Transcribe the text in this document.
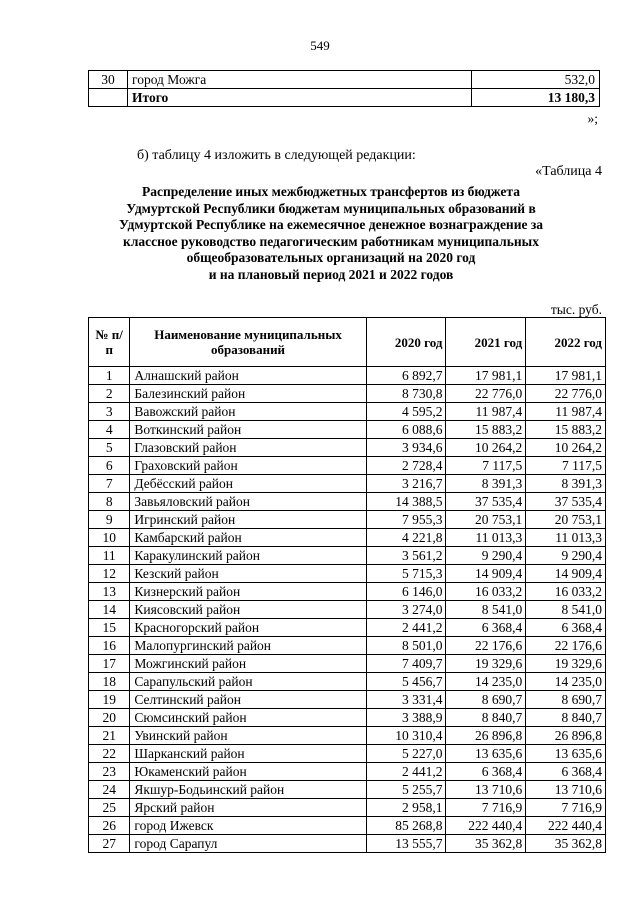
549
30	город Можга	532,0
	Итого	13 180,3
»;
б) таблицу 4 изложить в следующей редакции:
«Таблица 4
Распределение иных межбюджетных трансфертов из бюджета
Удмуртской Республики бюджетам муниципальных образований в
Удмуртской Республике на ежемесячное денежное вознаграждение за
классное руководство педагогическим работникам муниципальных
общеобразовательных организаций на 2020 год
и на плановый период 2021 и 2022 годов
тыс. руб.
№ п/п	Наименование муниципальных образований	2020 год	2021 год	2022 год
1	Алнашский район	6 892,7	17 981,1	17 981,1
2	Балезинский район	8 730,8	22 776,0	22 776,0
3	Вавожский район	4 595,2	11 987,4	11 987,4
4	Воткинский район	6 088,6	15 883,2	15 883,2
5	Глазовский район	3 934,6	10 264,2	10 264,2
6	Граховский район	2 728,4	7 117,5	7 117,5
7	Дебёсский район	3 216,7	8 391,3	8 391,3
8	Завьяловский район	14 388,5	37 535,4	37 535,4
9	Игринский район	7 955,3	20 753,1	20 753,1
10	Камбарский район	4 221,8	11 013,3	11 013,3
11	Каракулинский район	3 561,2	9 290,4	9 290,4
12	Кезский район	5 715,3	14 909,4	14 909,4
13	Кизнерский район	6 146,0	16 033,2	16 033,2
14	Киясовский район	3 274,0	8 541,0	8 541,0
15	Красногорский район	2 441,2	6 368,4	6 368,4
16	Малопургинский район	8 501,0	22 176,6	22 176,6
17	Можгинский район	7 409,7	19 329,6	19 329,6
18	Сарапульский район	5 456,7	14 235,0	14 235,0
19	Селтинский район	3 331,4	8 690,7	8 690,7
20	Сюмсинский район	3 388,9	8 840,7	8 840,7
21	Увинский район	10 310,4	26 896,8	26 896,8
22	Шарканский район	5 227,0	13 635,6	13 635,6
23	Юкаменский район	2 441,2	6 368,4	6 368,4
24	Якшур-Бодьинский район	5 255,7	13 710,6	13 710,6
25	Ярский район	2 958,1	7 716,9	7 716,9
26	город Ижевск	85 268,8	222 440,4	222 440,4
27	город Сарапул	13 555,7	35 362,8	35 362,8
